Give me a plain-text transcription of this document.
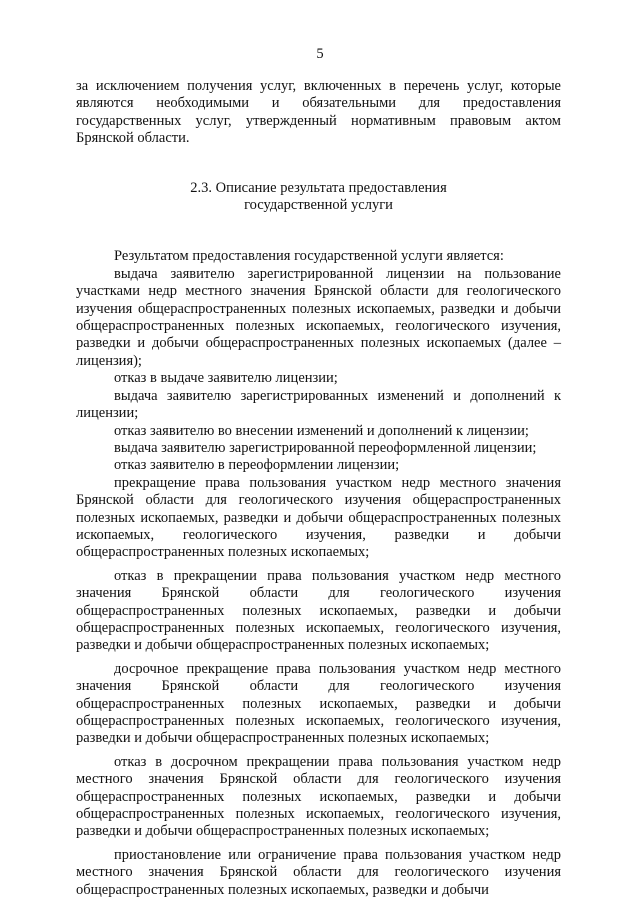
5

за исключением получения услуг, включенных в перечень услуг, которые являются необходимыми и обязательными для предоставления государственных услуг, утвержденный нормативным правовым актом Брянской области.

2.3. Описание результата предоставления
государственной услуги

Результатом предоставления государственной услуги является:

выдача заявителю зарегистрированной лицензии на пользование участками недр местного значения Брянской области для геологического изучения общераспространенных полезных ископаемых, разведки и добычи общераспространенных полезных ископаемых, геологического изучения, разведки и добычи общераспространенных полезных ископаемых (далее – лицензия);

отказ в выдаче заявителю лицензии;

выдача заявителю зарегистрированных изменений и дополнений к лицензии;

отказ заявителю во внесении изменений и дополнений к лицензии;

выдача заявителю зарегистрированной переоформленной лицензии;

отказ заявителю в переоформлении лицензии;

прекращение права пользования участком недр местного значения Брянской области для геологического изучения общераспространенных полезных ископаемых, разведки и добычи общераспространенных полезных ископаемых, геологического изучения, разведки и добычи общераспространенных полезных ископаемых;

отказ в прекращении права пользования участком недр местного значения Брянской области для геологического изучения общераспространенных полезных ископаемых, разведки и добычи общераспространенных полезных ископаемых, геологического изучения, разведки и добычи общераспространенных полезных ископаемых;

досрочное прекращение права пользования участком недр местного значения Брянской области для геологического изучения общераспространенных полезных ископаемых, разведки и добычи общераспространенных полезных ископаемых, геологического изучения, разведки и добычи общераспространенных полезных ископаемых;

отказ в досрочном прекращении права пользования участком недр местного значения Брянской области для геологического изучения общераспространенных полезных ископаемых, разведки и добычи общераспространенных полезных ископаемых, геологического изучения, разведки и добычи общераспространенных полезных ископаемых;

приостановление или ограничение права пользования участком недр местного значения Брянской области для геологического изучения общераспространенных полезных ископаемых, разведки и добычи
